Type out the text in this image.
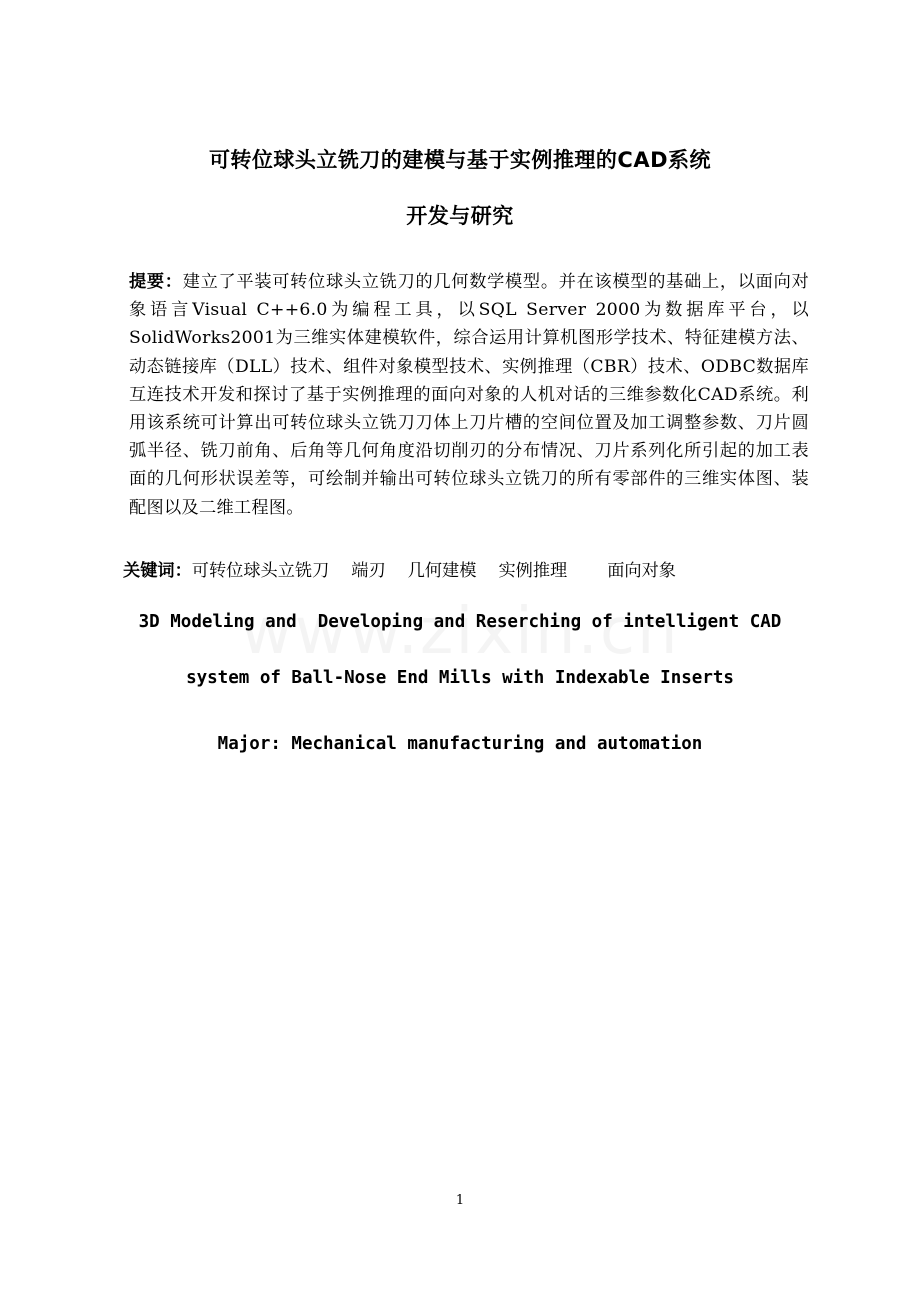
可转位球头立铣刀的建模与基于实例推理的CAD系统
开发与研究
提要：建立了平装可转位球头立铣刀的几何数学模型。并在该模型的基础上，以面向对象语言Visual C++6.0为编程工具，以SQL Server 2000为数据库平台，以SolidWorks2001为三维实体建模软件，综合运用计算机图形学技术、特征建模方法、动态链接库（DLL）技术、组件对象模型技术、实例推理（CBR）技术、ODBC数据库互连技术开发和探讨了基于实例推理的面向对象的人机对话的三维参数化CAD系统。利用该系统可计算出可转位球头立铣刀刀体上刀片槽的空间位置及加工调整参数、刀片圆弧半径、铣刀前角、后角等几何角度沿切削刃的分布情况、刀片系列化所引起的加工表面的几何形状误差等，可绘制并输出可转位球头立铣刀的所有零部件的三维实体图、装配图以及二维工程图。
关键词：可转位球头立铣刀 端刃 几何建模 实例推理 面向对象
3D Modeling and  Developing and Reserching of intelligent CAD
system of Ball-Nose End Mills with Indexable Inserts
Major: Mechanical manufacturing and automation
1
